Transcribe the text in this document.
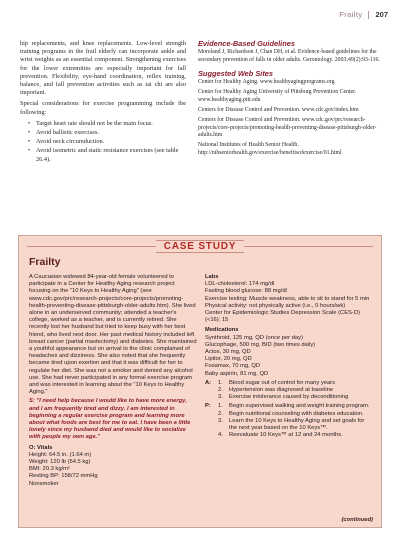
Frailty 207

hip replacements, and knee replacements. Low-level strength training programs in the frail elderly can incorporate ankle and wrist weights as an essential component. Strengthening exercises for the lower extremities are especially important for fall prevention. Flexibility, eye-hand coordination, reflex training, balance, and fall prevention activities such as tai chi are also important.

Special considerations for exercise programming include the following:

• Target heart rate should not be the main focus.
• Avoid ballistic exercises.
• Avoid neck circumduction.
• Avoid isometric and static resistance exercises (see table 26.4).
Evidence-Based Guidelines

Moreland J, Richardson J, Chan DH, et al. Evidence-based guidelines for the secondary prevention of falls in older adults. Gerontology. 2003;49(2):93-116.

Suggested Web Sites

Center for Healthy Aging. www.healthyagingprograms.org

Center for Healthy Aging University of Pittsburg Prevention Center. www.healthyaging.pitt.edu

Centers for Disease Control and Prevention. www.cdc.gov/index.htm

Centers for Disease Control and Prevention. www.cdc.gov/prc/research-projects/core-projects/promoting-health-preventing-disease-pittsburgh-older-adults.htm

National Institutes of Health Senior Health. http://nihseniorhealth.gov/exercise/benefitsofexercise/01.html

CASE STUDY
Frailty

A Caucasian widowed 84-year-old female volunteered to participate in a Center for Healthy Aging research project focusing on the "10 Keys to Healthy Aging" (see www.cdc.gov/prc/research-projects/core-projects/promoting-health-preventing-disease-pittsburgh-older-adults.htm). She lived alone in an underserved community; attended a teacher's college, worked as a teacher, and is currently retired. She recently lost her husband but tried to keep busy with her best friend, who lived next door. Her past medical history included left breast cancer (partial mastectomy) and diabetes. She maintained a youthful appearance but on arrival to the clinic complained of headaches and dizziness. She also noted that she frequently became tired upon exertion and that it was difficult for her to regulate her diet. She was not a smoker and denied any alcohol use. She had never participated in any formal exercise program and was interested in learning about the "10 Keys to Healthy Aging."

S: "I need help because I would like to have more energy, and I am frequently tired and dizzy. I am interested in beginning a regular exercise program and learning more about what foods are best for me to eat. I have been a little lonely since my husband died and would like to socialize with people my own age."

O: Vitals
Height: 64.5 in. (1.64 m)
Weight: 120 lb (54.5 kg)
BMI: 20.3 kg/m²
Resting BP: 158/72 mmHg
Nonsmoker
Labs
LDL-cholesterol: 174 mg/dl
Fasting blood glucose: 88 mg/dl
Exercise testing: Muscle weakness, able to sit to stand for 5 min
Physical activity: not physically active (i.e., 0 hours/wk)
Center for Epidemiologic Studies Depression Scale (CES-D) (<16): 15
Medications
Synthroid, 125 mg, QD (once per day)
Glucophage, 500 mg, BID (two times daily)
Actos, 30 mg, QD
Lipitor, 20 mg, QD
Fosamax, 70 mg, QD
Baby aspirin, 81 mg, QD
A:	1.	Blood sugar out of control for many years
2.	Hypertension was diagnosed at baseline
3.	Exercise intolerance caused by deconditioning
P:	1.	Begin supervised walking and weight training program.
2.	Begin nutritional counseling with diabetes education.
3.	Learn the 10 Keys to Healthy Aging and set goals for the next year based on the 10 Keys™.
4.	Reevaluate 10 Keys™ at 12 and 24 months.
(continued)
